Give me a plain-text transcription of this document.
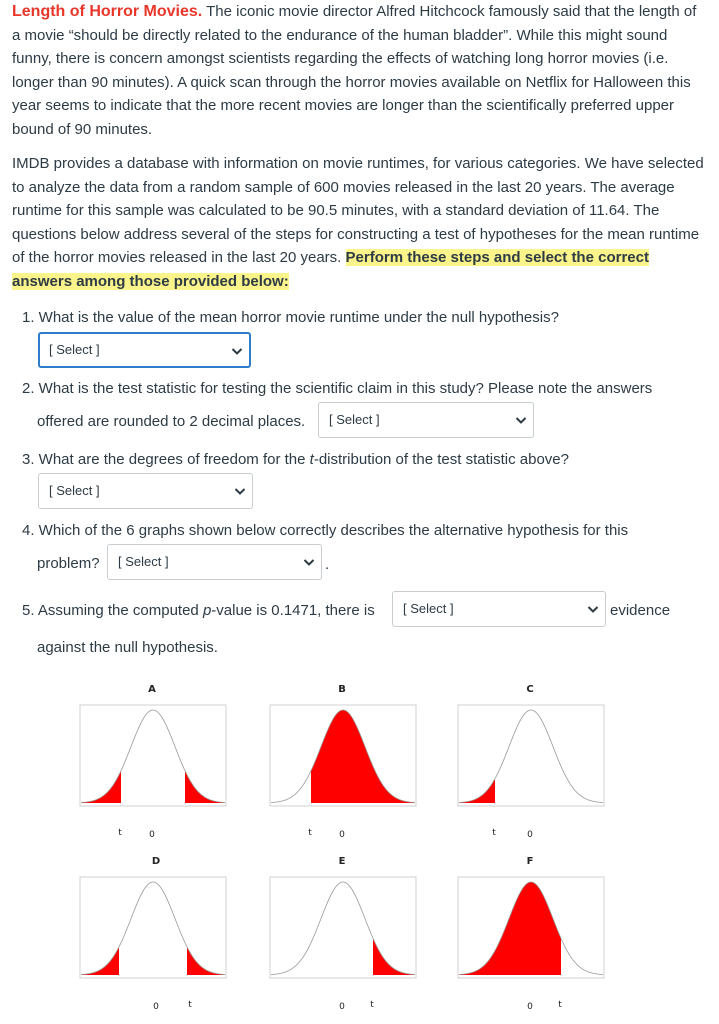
Length of Horror Movies. The iconic movie director Alfred Hitchcock famously said that the length of a movie “should be directly related to the endurance of the human bladder”. While this might sound funny, there is concern amongst scientists regarding the effects of watching long horror movies (i.e. longer than 90 minutes). A quick scan through the horror movies available on Netflix for Halloween this year seems to indicate that the more recent movies are longer than the scientifically preferred upper bound of 90 minutes.

IMDB provides a database with information on movie runtimes, for various categories. We have selected to analyze the data from a random sample of 600 movies released in the last 20 years. The average runtime for this sample was calculated to be 90.5 minutes, with a standard deviation of 11.64. The questions below address several of the steps for constructing a test of hypotheses for the mean runtime of the horror movies released in the last 20 years. Perform these steps and select the correct answers among those provided below:

1. What is the value of the mean horror movie runtime under the null hypothesis?
[ Select ]
2. What is the test statistic for testing the scientific claim in this study? Please note the answers
offered are rounded to 2 decimal places.	[ Select ]
3. What are the degrees of freedom for the t-distribution of the test statistic above?
[ Select ]
4. Which of the 6 graphs shown below correctly describes the alternative hypothesis for this
problem?	[ Select ]	.
5. Assuming the computed p-value is 0.1471, there is	[ Select ]	evidence
against the null hypothesis.
A
t	0
B
t	0
C
t	0
D
t
0
E
t
0
F
t
0
